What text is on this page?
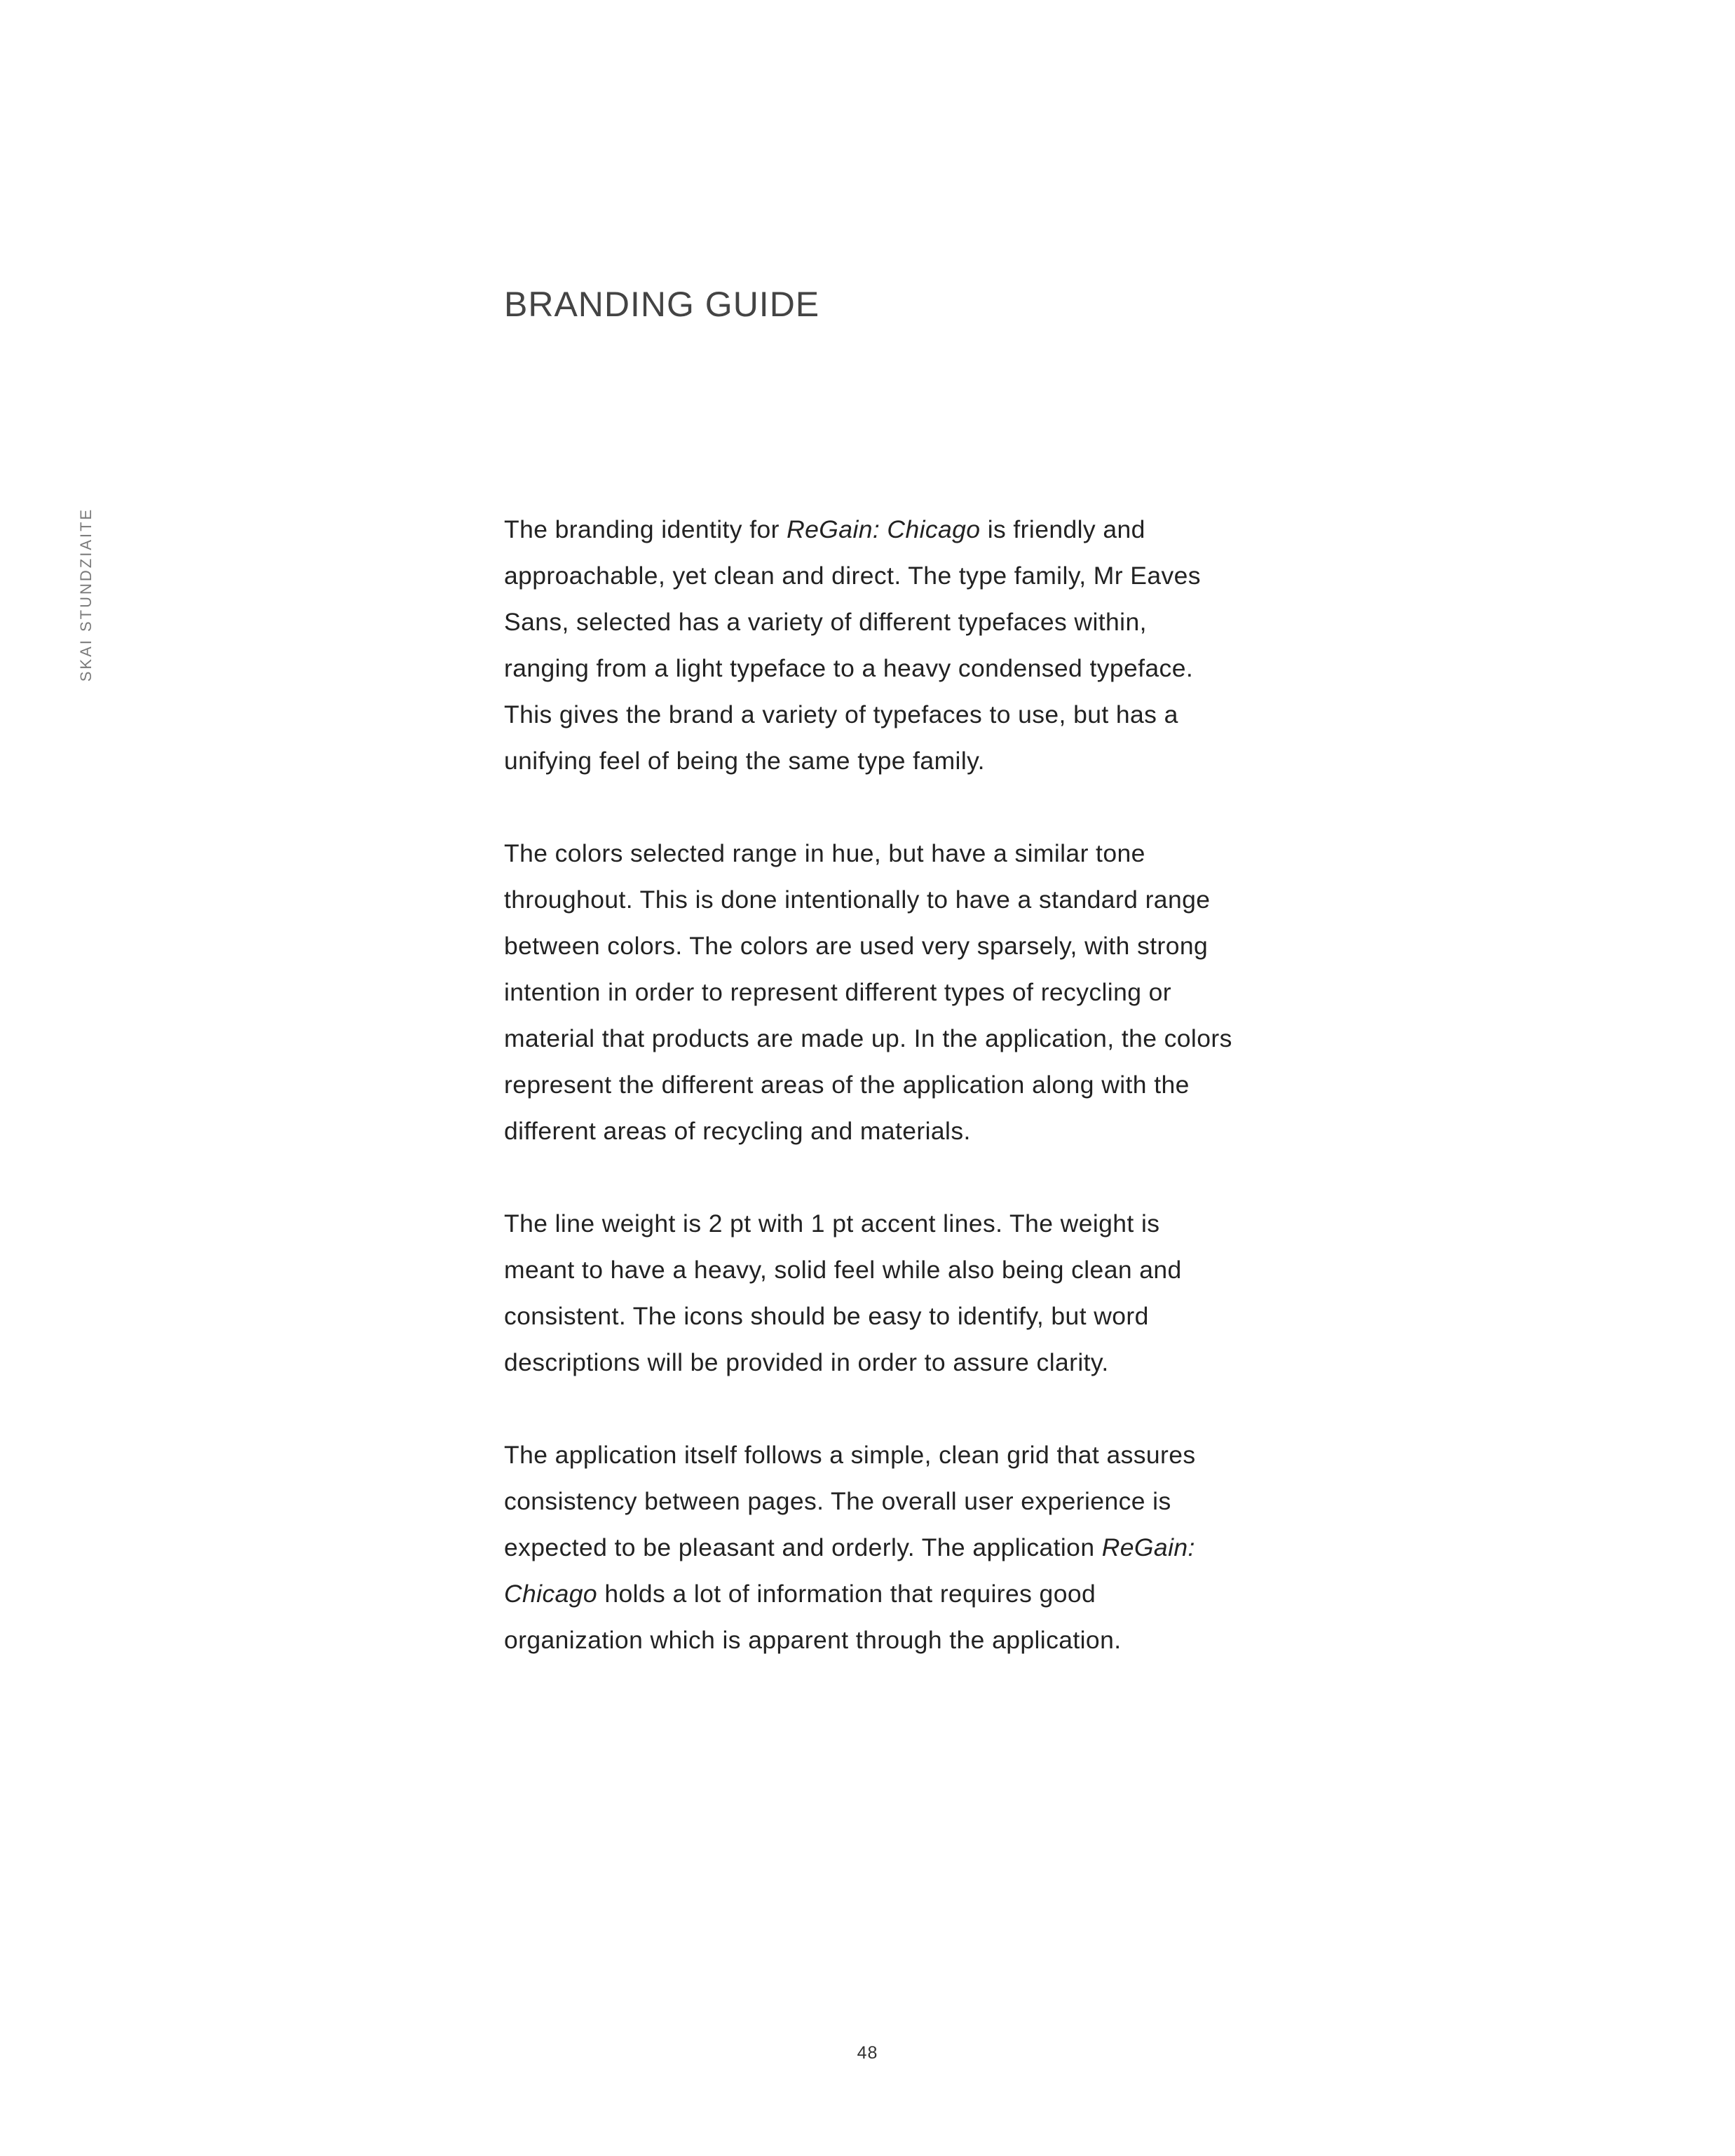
SKAI STUNDZIAITE
BRANDING GUIDE

The branding identity for ReGain: Chicago is friendly and approachable, yet clean and direct. The type family, Mr Eaves Sans, selected has a variety of different typefaces within, ranging from a light typeface to a heavy condensed typeface. This gives the brand a variety of typefaces to use, but has a unifying feel of being the same type family.

The colors selected range in hue, but have a similar tone throughout. This is done intentionally to have a standard range between colors. The colors are used very sparsely, with strong intention in order to represent different types of recycling or material that products are made up. In the application, the colors represent the different areas of the application along with the different areas of recycling and materials.

The line weight is 2 pt with 1 pt accent lines. The weight is meant to have a heavy, solid feel while also being clean and consistent. The icons should be easy to identify, but word descriptions will be provided in order to assure clarity.

The application itself follows a simple, clean grid that assures consistency between pages. The overall user experience is expected to be pleasant and orderly. The application ReGain: Chicago holds a lot of information that requires good organization which is apparent through the application.

48
